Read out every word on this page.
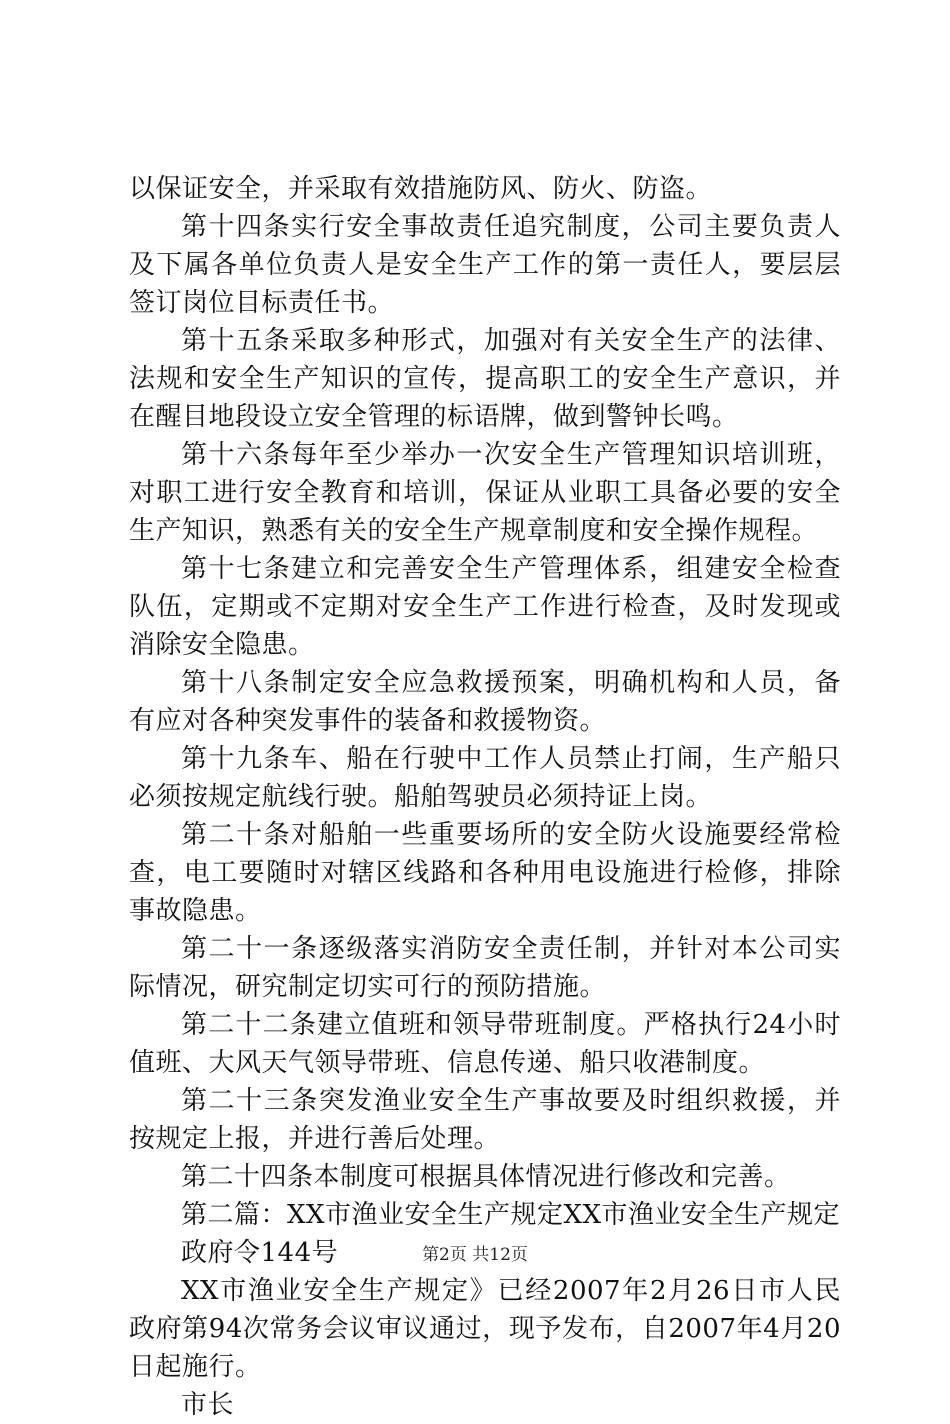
以保证安全，并采取有效措施防风、防火、防盗。

第十四条实行安全事故责任追究制度，公司主要负责人及下属各单位负责人是安全生产工作的第一责任人，要层层签订岗位目标责任书。

第十五条采取多种形式，加强对有关安全生产的法律、法规和安全生产知识的宣传，提高职工的安全生产意识，并在醒目地段设立安全管理的标语牌，做到警钟长鸣。

第十六条每年至少举办一次安全生产管理知识培训班，对职工进行安全教育和培训，保证从业职工具备必要的安全生产知识，熟悉有关的安全生产规章制度和安全操作规程。

第十七条建立和完善安全生产管理体系，组建安全检查队伍，定期或不定期对安全生产工作进行检查，及时发现或消除安全隐患。

第十八条制定安全应急救援预案，明确机构和人员，备有应对各种突发事件的装备和救援物资。

第十九条车、船在行驶中工作人员禁止打闹，生产船只必须按规定航线行驶。船舶驾驶员必须持证上岗。

第二十条对船舶一些重要场所的安全防火设施要经常检查，电工要随时对辖区线路和各种用电设施进行检修，排除事故隐患。

第二十一条逐级落实消防安全责任制，并针对本公司实际情况，研究制定切实可行的预防措施。

第二十二条建立值班和领导带班制度。严格执行24小时值班、大风天气领导带班、信息传递、船只收港制度。

第二十三条突发渔业安全生产事故要及时组织救援，并按规定上报，并进行善后处理。

第二十四条本制度可根据具体情况进行修改和完善。

第二篇：XX市渔业安全生产规定XX市渔业安全生产规定

政府令144号

XX市渔业安全生产规定》已经2007年2月26日市人民政府第94次常务会议审议通过，现予发布，自2007年4月20日起施行。

市长

第2页 共12页
